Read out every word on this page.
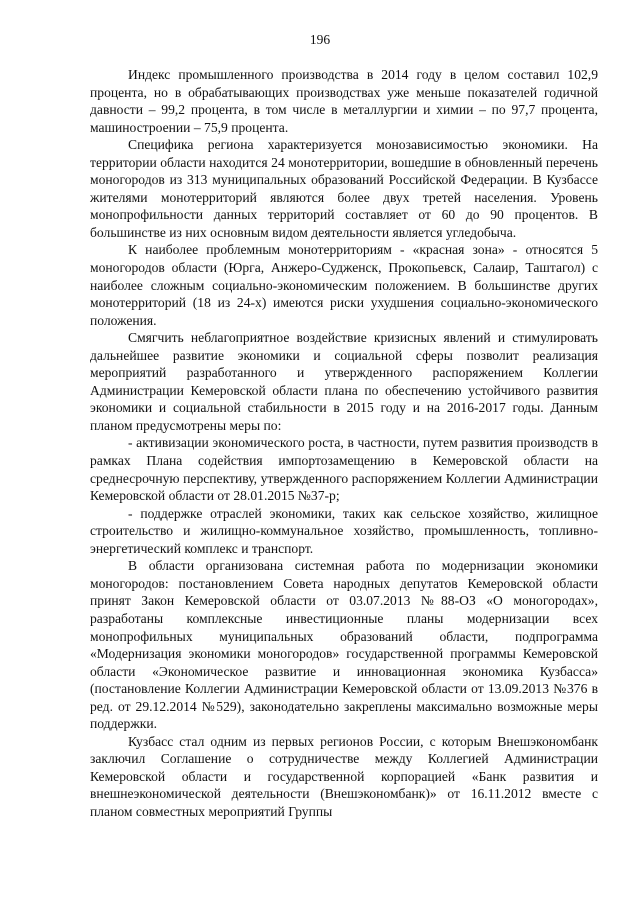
196

Индекс промышленного производства в 2014 году в целом составил 102,9 процента, но в обрабатывающих производствах уже меньше показателей годичной давности – 99,2 процента, в том числе в металлургии и химии – по 97,7 процента, машиностроении – 75,9 процента.

Специфика региона характеризуется монозависимостью экономики. На территории области находится 24 монотерритории, вошедшие в обновленный перечень моногородов из 313 муниципальных образований Российской Федерации. В Кузбассе жителями монотерриторий являются более двух третей населения. Уровень монопрофильности данных территорий составляет от 60 до 90 процентов. В большинстве из них основным видом деятельности является угледобыча.

К наиболее проблемным монотерриториям - «красная зона» - относятся 5 моногородов области (Юрга, Анжеро-Судженск, Прокопьевск, Салаир, Таштагол) с наиболее сложным социально-экономическим положением. В большинстве других монотерриторий (18 из 24-х) имеются риски ухудшения социально-экономического положения.

Смягчить неблагоприятное воздействие кризисных явлений и стимулировать дальнейшее развитие экономики и социальной сферы позволит реализация мероприятий разработанного и утвержденного распоряжением Коллегии Администрации Кемеровской области плана по обеспечению устойчивого развития экономики и социальной стабильности в 2015 году и на 2016-2017 годы. Данным планом предусмотрены меры по:

- активизации экономического роста, в частности, путем развития производств в рамках Плана содействия импортозамещению в Кемеровской области на среднесрочную перспективу, утвержденного распоряжением Коллегии Администрации Кемеровской области от 28.01.2015 №37-р;

- поддержке отраслей экономики, таких как сельское хозяйство, жилищное строительство и жилищно-коммунальное хозяйство, промышленность, топливно-энергетический комплекс и транспорт.

В области организована системная работа по модернизации экономики моногородов: постановлением Совета народных депутатов Кемеровской области принят Закон Кемеровской области от 03.07.2013 №88-ОЗ «О моногородах», разработаны комплексные инвестиционные планы модернизации всех монопрофильных муниципальных образований области, подпрограмма «Модернизация экономики моногородов» государственной программы Кемеровской области «Экономическое развитие и инновационная экономика Кузбасса» (постановление Коллегии Администрации Кемеровской области от 13.09.2013 №376 в ред. от 29.12.2014 №529), законодательно закреплены максимально возможные меры поддержки.

Кузбасс стал одним из первых регионов России, с которым Внешэкономбанк заключил Соглашение о сотрудничестве между Коллегией Администрации Кемеровской области и государственной корпорацией «Банк развития и внешнеэкономической деятельности (Внешэкономбанк)» от 16.11.2012 вместе с планом совместных мероприятий Группы
